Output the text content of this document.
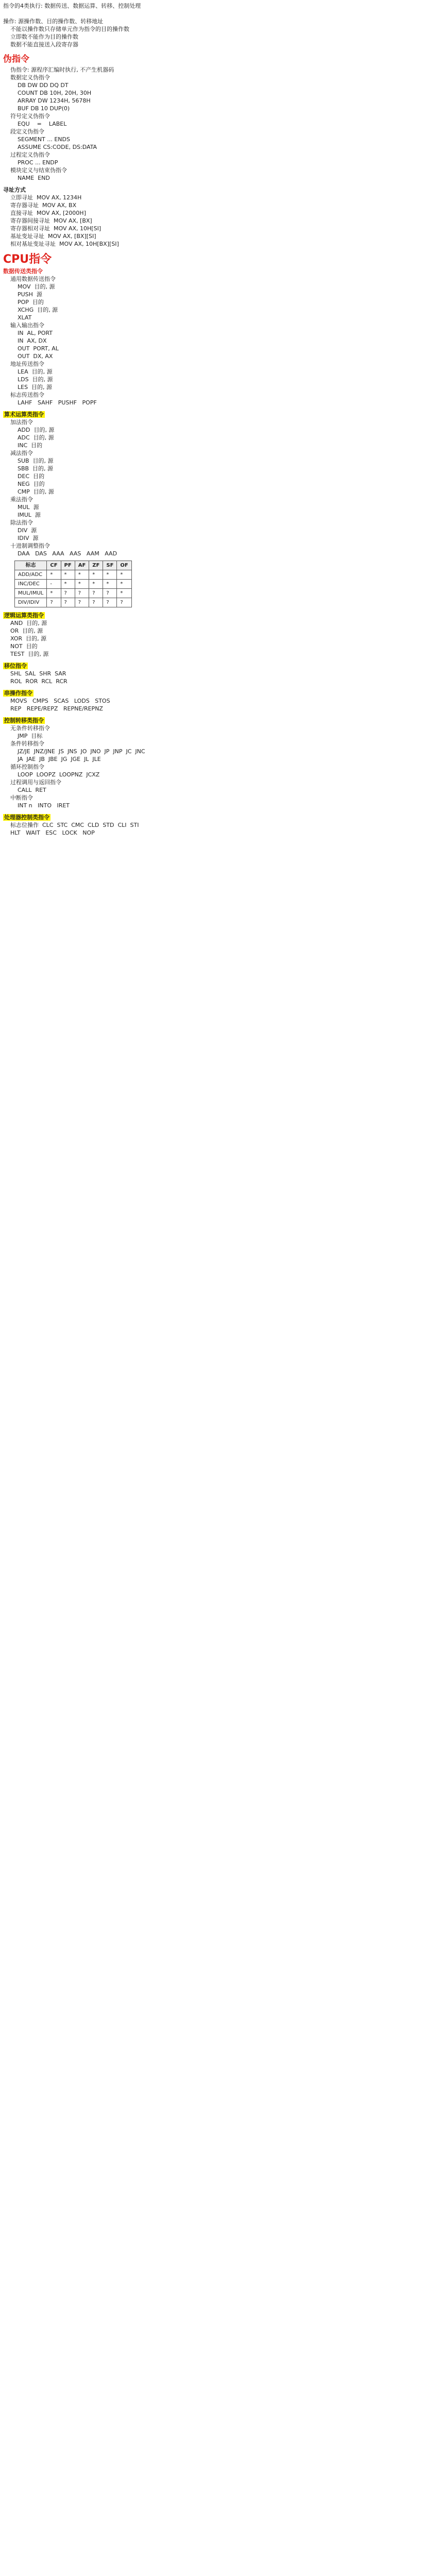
指令的4类执行: 数据传送、数据运算、转移、控制处理
操作: 源操作数、目的操作数、转移地址
不能以操作数只存储单元作为指令的目的操作数
立即数不能作为目的操作数
数据不能直接送入段寄存器
伪指令
伪指令: 源程序汇编时执行, 不产生机器码
数据定义伪指令
DB DW DD DQ DT
COUNT DB 10H, 20H, 30H
ARRAY DW 1234H, 5678H
BUF DB 10 DUP(0)
符号定义伪指令
EQU    =    LABEL
段定义伪指令
SEGMENT ... ENDS
ASSUME CS:CODE, DS:DATA
过程定义伪指令
PROC ... ENDP
模块定义与结束伪指令
NAME  END
寻址方式
立即寻址  MOV AX, 1234H
寄存器寻址  MOV AX, BX
直接寻址  MOV AX, [2000H]
寄存器间接寻址  MOV AX, [BX]
寄存器相对寻址  MOV AX, 10H[SI]
基址变址寻址  MOV AX, [BX][SI]
相对基址变址寻址  MOV AX, 10H[BX][SI]
CPU指令
数据传送类指令
通用数据传送指令
MOV  目的, 源
PUSH  源
POP  目的
XCHG  目的, 源
XLAT
输入输出指令
IN  AL, PORT
IN  AX, DX
OUT  PORT, AL
OUT  DX, AX
地址传送指令
LEA  目的, 源
LDS  目的, 源
LES  目的, 源
标志传送指令
LAHF   SAHF   PUSHF   POPF
算术运算类指令
加法指令
ADD  目的, 源
ADC  目的, 源
INC  目的
减法指令
SUB  目的, 源
SBB  目的, 源
DEC  目的
NEG  目的
CMP  目的, 源
乘法指令
MUL  源
IMUL  源
除法指令
DIV  源
IDIV  源
十进制调整指令
DAA   DAS   AAA   AAS   AAM   AAD
标志	CF	PF	AF	ZF	SF	OF
ADD/ADC	*	*	*	*	*	*
INC/DEC	-	*	*	*	*	*
MUL/IMUL	*	?	?	?	?	*
DIV/IDIV	?	?	?	?	?	?
逻辑运算类指令
AND  目的, 源
OR  目的, 源
XOR  目的, 源
NOT  目的
TEST  目的, 源
移位指令
SHL  SAL  SHR  SAR
ROL  ROR  RCL  RCR
串操作指令
MOVS   CMPS   SCAS   LODS   STOS
REP   REPE/REPZ   REPNE/REPNZ
控制转移类指令
无条件转移指令
JMP  目标
条件转移指令
JZ/JE  JNZ/JNE  JS  JNS  JO  JNO  JP  JNP  JC  JNC
JA  JAE  JB  JBE  JG  JGE  JL  JLE
循环控制指令
LOOP  LOOPZ  LOOPNZ  JCXZ
过程调用与返回指令
CALL  RET
中断指令
INT n   INTO   IRET
处理器控制类指令
标志位操作  CLC  STC  CMC  CLD  STD  CLI  STI
HLT   WAIT   ESC   LOCK   NOP
